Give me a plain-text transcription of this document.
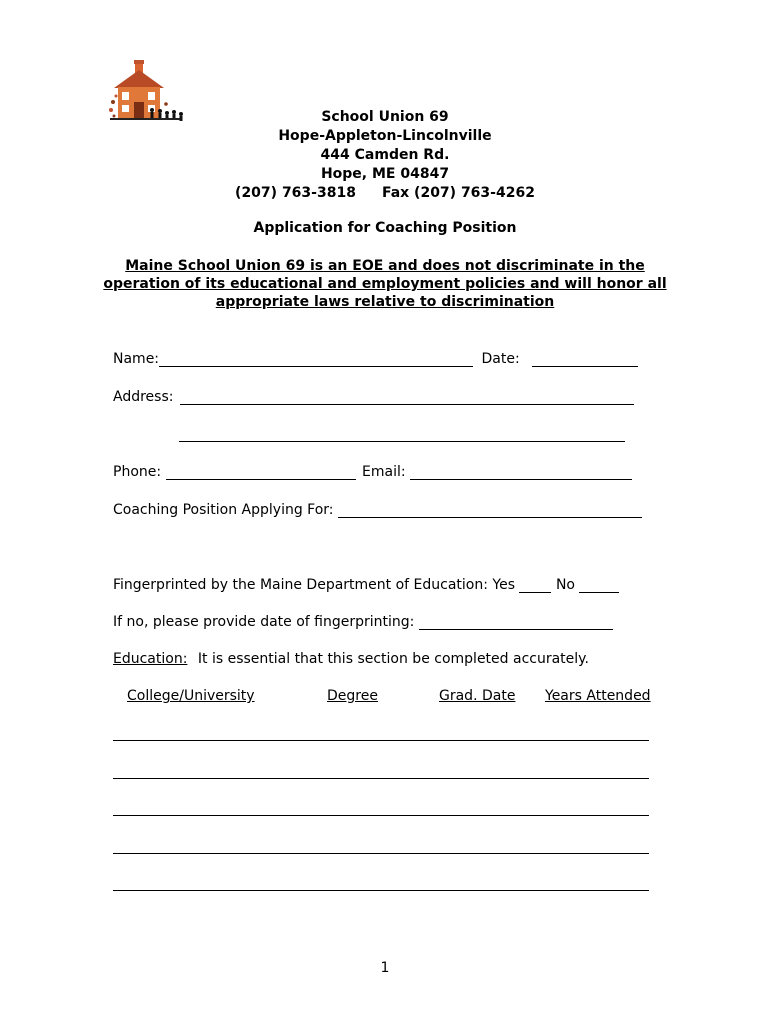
School Union 69
Hope-Appleton-Lincolnville
444 Camden Rd.
Hope, ME 04847
(207) 763-3818 Fax (207) 763-4262
Application for Coaching Position
Maine School Union 69 is an EOE and does not discriminate in the
operation of its educational and employment policies and will honor all
appropriate laws relative to discrimination
Name:	Date:
Address:
Phone:	Email:
Coaching Position Applying For:
Fingerprinted by the Maine Department of Education: Yes	No
If no, please provide date of fingerprinting:
Education: It is essential that this section be completed accurately.
College/University	Degree	Grad. Date Years Attended
1
